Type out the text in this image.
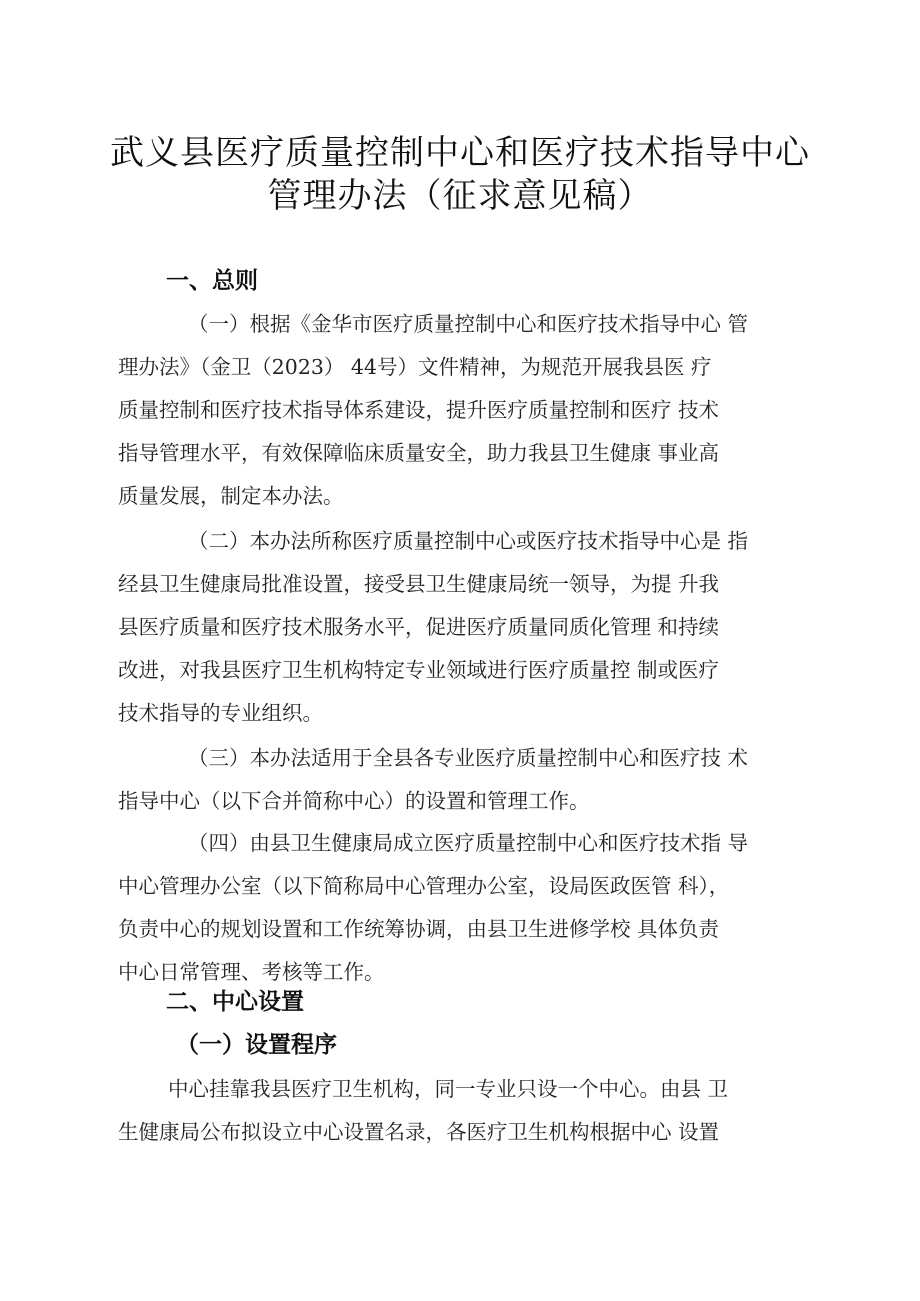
武义县医疗质量控制中心和医疗技术指导中心
管理办法（征求意见稿）
一、总则
（一）根据《金华市医疗质量控制中心和医疗技术指导中心 管
理办法》（金卫（2023） 44号）文件精神，为规范开展我县医 疗
质量控制和医疗技术指导体系建设，提升医疗质量控制和医疗 技术
指导管理水平，有效保障临床质量安全，助力我县卫生健康 事业高
质量发展，制定本办法。
（二）本办法所称医疗质量控制中心或医疗技术指导中心是 指
经县卫生健康局批准设置，接受县卫生健康局统一领导，为提 升我
县医疗质量和医疗技术服务水平，促进医疗质量同质化管理 和持续
改进，对我县医疗卫生机构特定专业领域进行医疗质量控 制或医疗
技术指导的专业组织。
（三）本办法适用于全县各专业医疗质量控制中心和医疗技 术
指导中心（以下合并简称中心）的设置和管理工作。
（四）由县卫生健康局成立医疗质量控制中心和医疗技术指 导
中心管理办公室（以下简称局中心管理办公室，设局医政医管 科），
负责中心的规划设置和工作统筹协调，由县卫生进修学校 具体负责
中心日常管理、考核等工作。
二、中心设置
（一）设置程序
中心挂靠我县医疗卫生机构，同一专业只设一个中心。由县 卫
生健康局公布拟设立中心设置名录，各医疗卫生机构根据中心 设置
